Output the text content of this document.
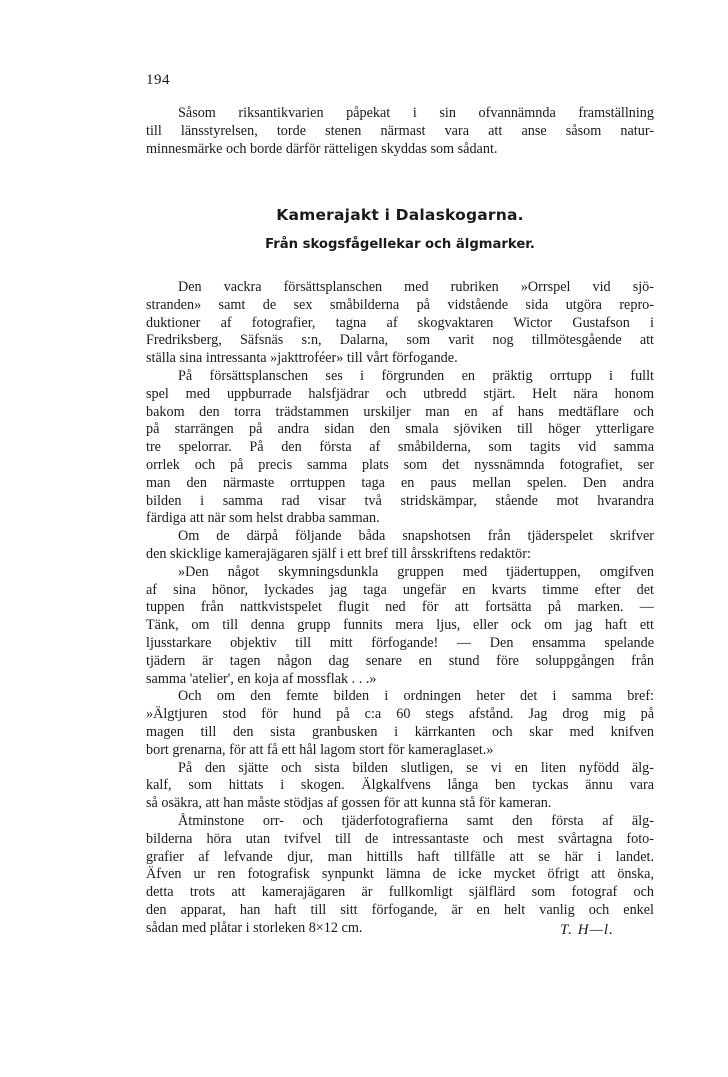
194
Såsom riksantikvarien påpekat i sin ofvannämnda framställning
till länsstyrelsen, torde stenen närmast vara att anse såsom natur-
minnesmärke och borde därför rätteligen skyddas som sådant.
Kamerajakt i Dalaskogarna.
Från skogsfågellekar och älgmarker.
Den vackra försättsplanschen med rubriken »Orrspel vid sjö-
stranden» samt de sex småbilderna på vidstående sida utgöra repro-
duktioner af fotografier, tagna af skogvaktaren Wictor Gustafson i
Fredriksberg, Säfsnäs s:n, Dalarna, som varit nog tillmötesgående att
ställa sina intressanta »jakttroféer» till vårt förfogande.
På försättsplanschen ses i förgrunden en präktig orrtupp i fullt
spel med uppburrade halsfjädrar och utbredd stjärt. Helt nära honom
bakom den torra trädstammen urskiljer man en af hans medtäflare och
på starrängen på andra sidan den smala sjöviken till höger ytterligare
tre spelorrar. På den första af småbilderna, som tagits vid samma
orrlek och på precis samma plats som det nyssnämnda fotografiet, ser
man den närmaste orrtuppen taga en paus mellan spelen. Den andra
bilden i samma rad visar två stridskämpar, stående mot hvarandra
färdiga att när som helst drabba samman.
Om de därpå följande båda snapshotsen från tjäderspelet skrifver
den skicklige kamerajägaren själf i ett bref till årsskriftens redaktör:
»Den något skymningsdunkla gruppen med tjädertuppen, omgifven
af sina hönor, lyckades jag taga ungefär en kvarts timme efter det
tuppen från nattkvistspelet flugit ned för att fortsätta på marken. —
Tänk, om till denna grupp funnits mera ljus, eller ock om jag haft ett
ljusstarkare objektiv till mitt förfogande! — Den ensamma spelande
tjädern är tagen någon dag senare en stund före soluppgången från
samma 'atelier', en koja af mossflak . . .»
Och om den femte bilden i ordningen heter det i samma bref:
»Älgtjuren stod för hund på c:a 60 stegs afstånd. Jag drog mig på
magen till den sista granbusken i kärrkanten och skar med knifven
bort grenarna, för att få ett hål lagom stort för kameraglaset.»
På den sjätte och sista bilden slutligen, se vi en liten nyfödd älg-
kalf, som hittats i skogen. Älgkalfvens långa ben tyckas ännu vara
så osäkra, att han måste stödjas af gossen för att kunna stå för kameran.
Åtminstone orr- och tjäderfotografierna samt den första af älg-
bilderna höra utan tvifvel till de intressantaste och mest svårtagna foto-
grafier af lefvande djur, man hittills haft tillfälle att se här i landet.
Äfven ur ren fotografisk synpunkt lämna de icke mycket öfrigt att önska,
detta trots att kamerajägaren är fullkomligt själflärd som fotograf och
den apparat, han haft till sitt förfogande, är en helt vanlig och enkel
sådan med plåtar i storleken 8×12 cm.	T. H—l.
